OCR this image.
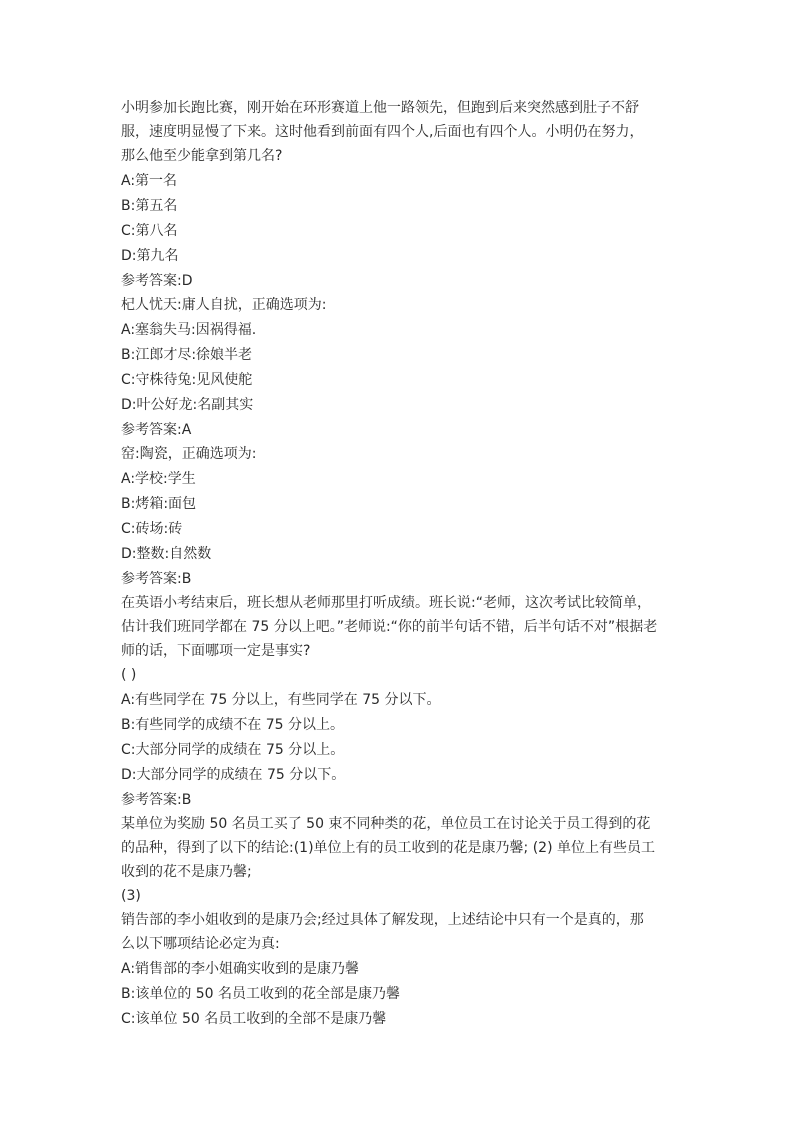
小明参加长跑比赛，刚开始在环形赛道上他一路领先，但跑到后来突然感到肚子不舒
服，速度明显慢了下来。这时他看到前面有四个人,后面也有四个人。小明仍在努力，
那么他至少能拿到第几名?
A:第一名
B:第五名
C:第八名
D:第九名
参考答案:D
杞人忧天:庸人自扰，正确选项为:
A:塞翁失马:因祸得福.
B:江郎才尽:徐娘半老
C:守株待兔:见风使舵
D:叶公好龙:名副其实
参考答案:A
窑:陶瓷，正确选项为:
A:学校:学生
B:烤箱:面包
C:砖场:砖
D:整数:自然数
参考答案:B
在英语小考结束后，班长想从老师那里打听成绩。班长说:“老师，这次考试比较简单，
估计我们班同学都在 75 分以上吧。”老师说:“你的前半句话不错，后半句话不对”根据老
师的话，下面哪项一定是事实?
( )
A:有些同学在 75 分以上，有些同学在 75 分以下。
B:有些同学的成绩不在 75 分以上。
C:大部分同学的成绩在 75 分以上。
D:大部分同学的成绩在 75 分以下。
参考答案:B
某单位为奖励 50 名员工买了 50 束不同种类的花，单位员工在讨论关于员工得到的花
的品种，得到了以下的结论:(1)单位上有的员工收到的花是康乃馨; (2) 单位上有些员工
收到的花不是康乃馨;
(3)
销告部的李小姐收到的是康乃会;经过具体了解发现，上述结论中只有一个是真的，那
么以下哪项结论必定为真:
A:销售部的李小姐确实收到的是康乃馨
B:该单位的 50 名员工收到的花全部是康乃馨
C:该单位 50 名员工收到的全部不是康乃馨
